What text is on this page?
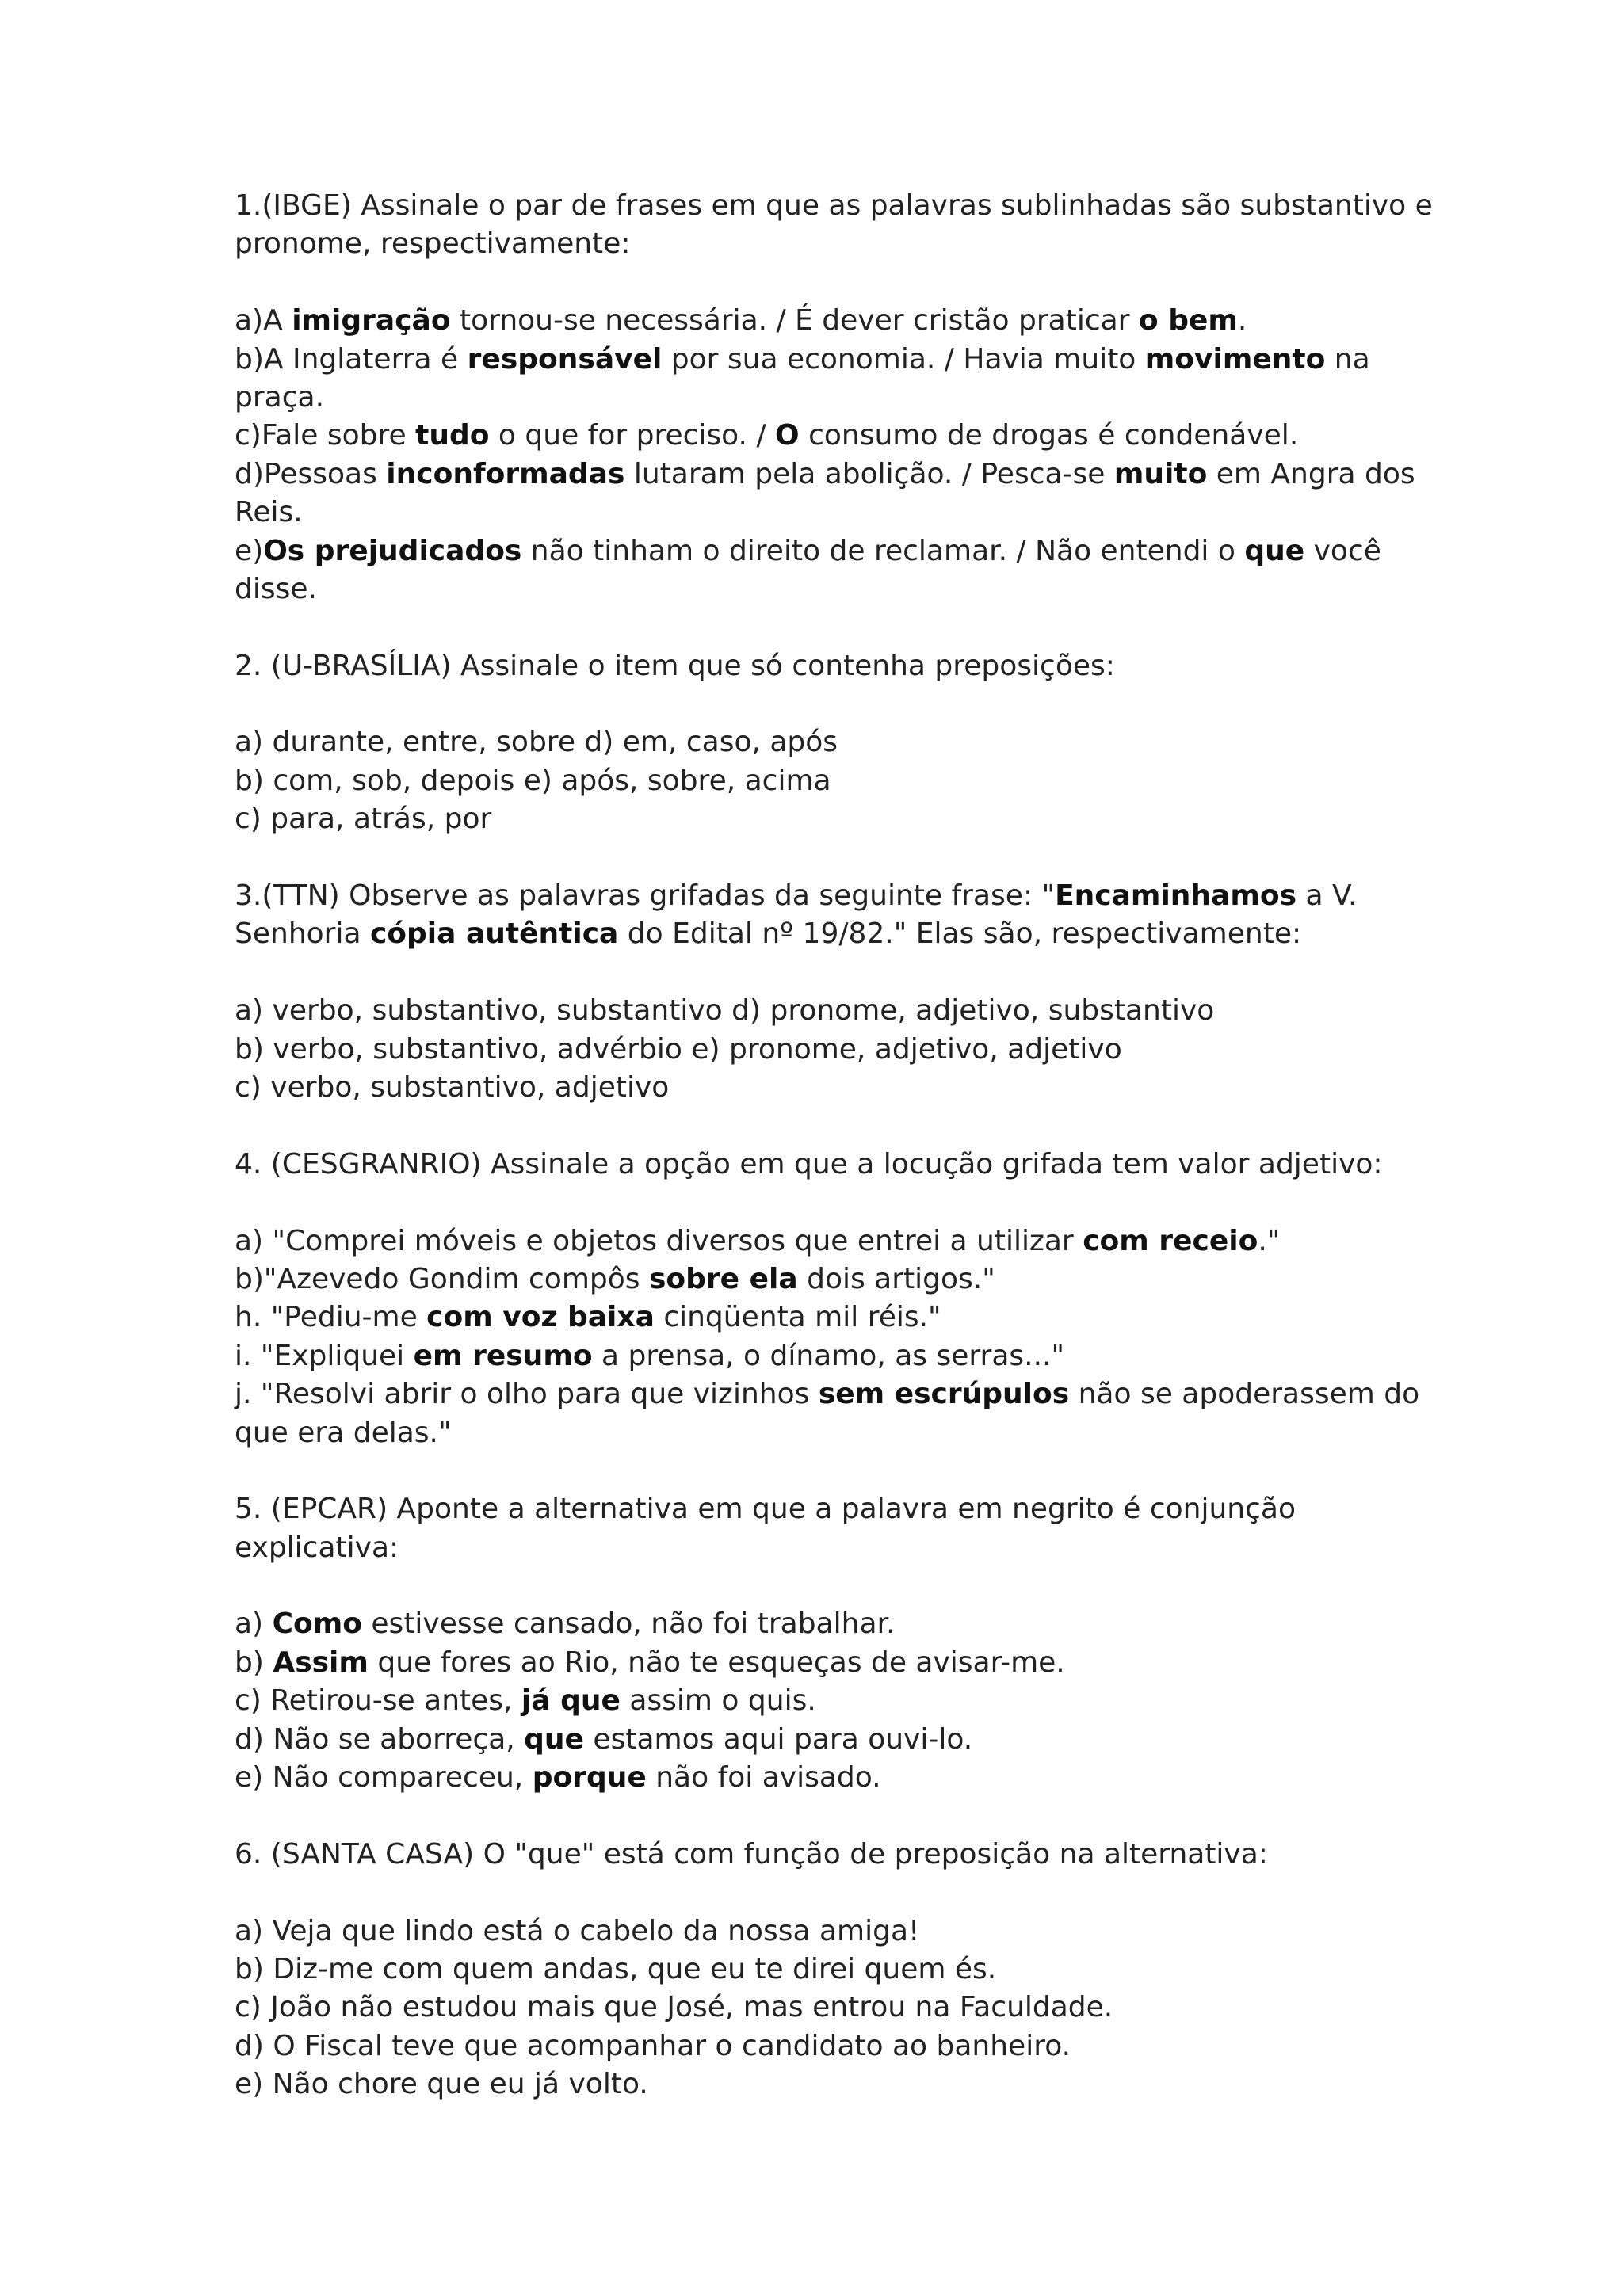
1.(IBGE) Assinale o par de frases em que as palavras sublinhadas são substantivo e
pronome, respectivamente:
a)A imigração tornou-se necessária. / É dever cristão praticar o bem.
b)A Inglaterra é responsável por sua economia. / Havia muito movimento na
praça.
c)Fale sobre tudo o que for preciso. / O consumo de drogas é condenável.
d)Pessoas inconformadas lutaram pela abolição. / Pesca-se muito em Angra dos
Reis.
e)Os prejudicados não tinham o direito de reclamar. / Não entendi o que você
disse.
2. (U-BRASÍLIA) Assinale o item que só contenha preposições:
a) durante, entre, sobre d) em, caso, após
b) com, sob, depois e) após, sobre, acima
c) para, atrás, por
3.(TTN) Observe as palavras grifadas da seguinte frase: "Encaminhamos a V.
Senhoria cópia autêntica do Edital nº 19/82." Elas são, respectivamente:
a) verbo, substantivo, substantivo d) pronome, adjetivo, substantivo
b) verbo, substantivo, advérbio e) pronome, adjetivo, adjetivo
c) verbo, substantivo, adjetivo
4. (CESGRANRIO) Assinale a opção em que a locução grifada tem valor adjetivo:
a) "Comprei móveis e objetos diversos que entrei a utilizar com receio."
b)"Azevedo Gondim compôs sobre ela dois artigos."
h. "Pediu-me com voz baixa cinqüenta mil réis."
i. "Expliquei em resumo a prensa, o dínamo, as serras..."
j. "Resolvi abrir o olho para que vizinhos sem escrúpulos não se apoderassem do
que era delas."
5. (EPCAR) Aponte a alternativa em que a palavra em negrito é conjunção
explicativa:
a) Como estivesse cansado, não foi trabalhar.
b) Assim que fores ao Rio, não te esqueças de avisar-me.
c) Retirou-se antes, já que assim o quis.
d) Não se aborreça, que estamos aqui para ouvi-lo.
e) Não compareceu, porque não foi avisado.
6. (SANTA CASA) O "que" está com função de preposição na alternativa:
a) Veja que lindo está o cabelo da nossa amiga!
b) Diz-me com quem andas, que eu te direi quem és.
c) João não estudou mais que José, mas entrou na Faculdade.
d) O Fiscal teve que acompanhar o candidato ao banheiro.
e) Não chore que eu já volto.
